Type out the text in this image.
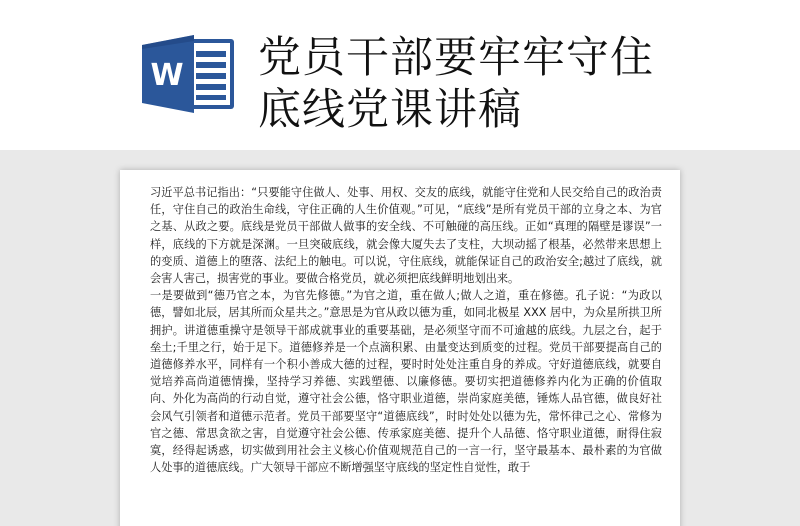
W 党员干部要牢牢守住
底线党课讲稿

习近平总书记指出：“只要能守住做人、处事、用权、交友的底线，就能守住党和人民交给自己的政治责任，守住自己的政治生命线，守住正确的人生价值观。”可见，“底线”是所有党员干部的立身之本、为官之基、从政之要。底线是党员干部做人做事的安全线、不可触碰的高压线。正如“真理的隔壁是谬误”一样，底线的下方就是深渊。一旦突破底线，就会像大厦失去了支柱，大坝动摇了根基，必然带来思想上的变质、道德上的堕落、法纪上的触电。可以说，守住底线，就能保证自己的政治安全;越过了底线，就会害人害己，损害党的事业。要做合格党员，就必须把底线鲜明地划出来。

一是要做到“德乃官之本，为官先修德。”为官之道，重在做人;做人之道，重在修德。孔子说：“为政以德，譬如北辰，居其所而众星共之。”意思是为官从政以德为重，如同北极星 XXX 居中，为众星所拱卫所拥护。讲道德重操守是领导干部成就事业的重要基础，是必须坚守而不可逾越的底线。九层之台，起于垒土;千里之行，始于足下。道德修养是一个点滴积累、由量变达到质变的过程。党员干部要提高自己的道德修养水平，同样有一个积小善成大德的过程，要时时处处注重自身的养成。守好道德底线，就要自觉培养高尚道德情操，坚持学习养德、实践塑德、以廉修德。要切实把道德修养内化为正确的价值取向、外化为高尚的行动自觉，遵守社会公德，恪守职业道德，崇尚家庭美德，锤炼人品官德，做良好社会风气引领者和道德示范者。党员干部要坚守“道德底线”，时时处处以德为先，常怀律己之心、常修为官之德、常思贪欲之害，自觉遵守社会公德、传承家庭美德、提升个人品德、恪守职业道德，耐得住寂寞，经得起诱惑，切实做到用社会主义核心价值观规范自己的一言一行，坚守最基本、最朴素的为官做人处事的道德底线。广大领导干部应不断增强坚守底线的坚定性自觉性，敢于
